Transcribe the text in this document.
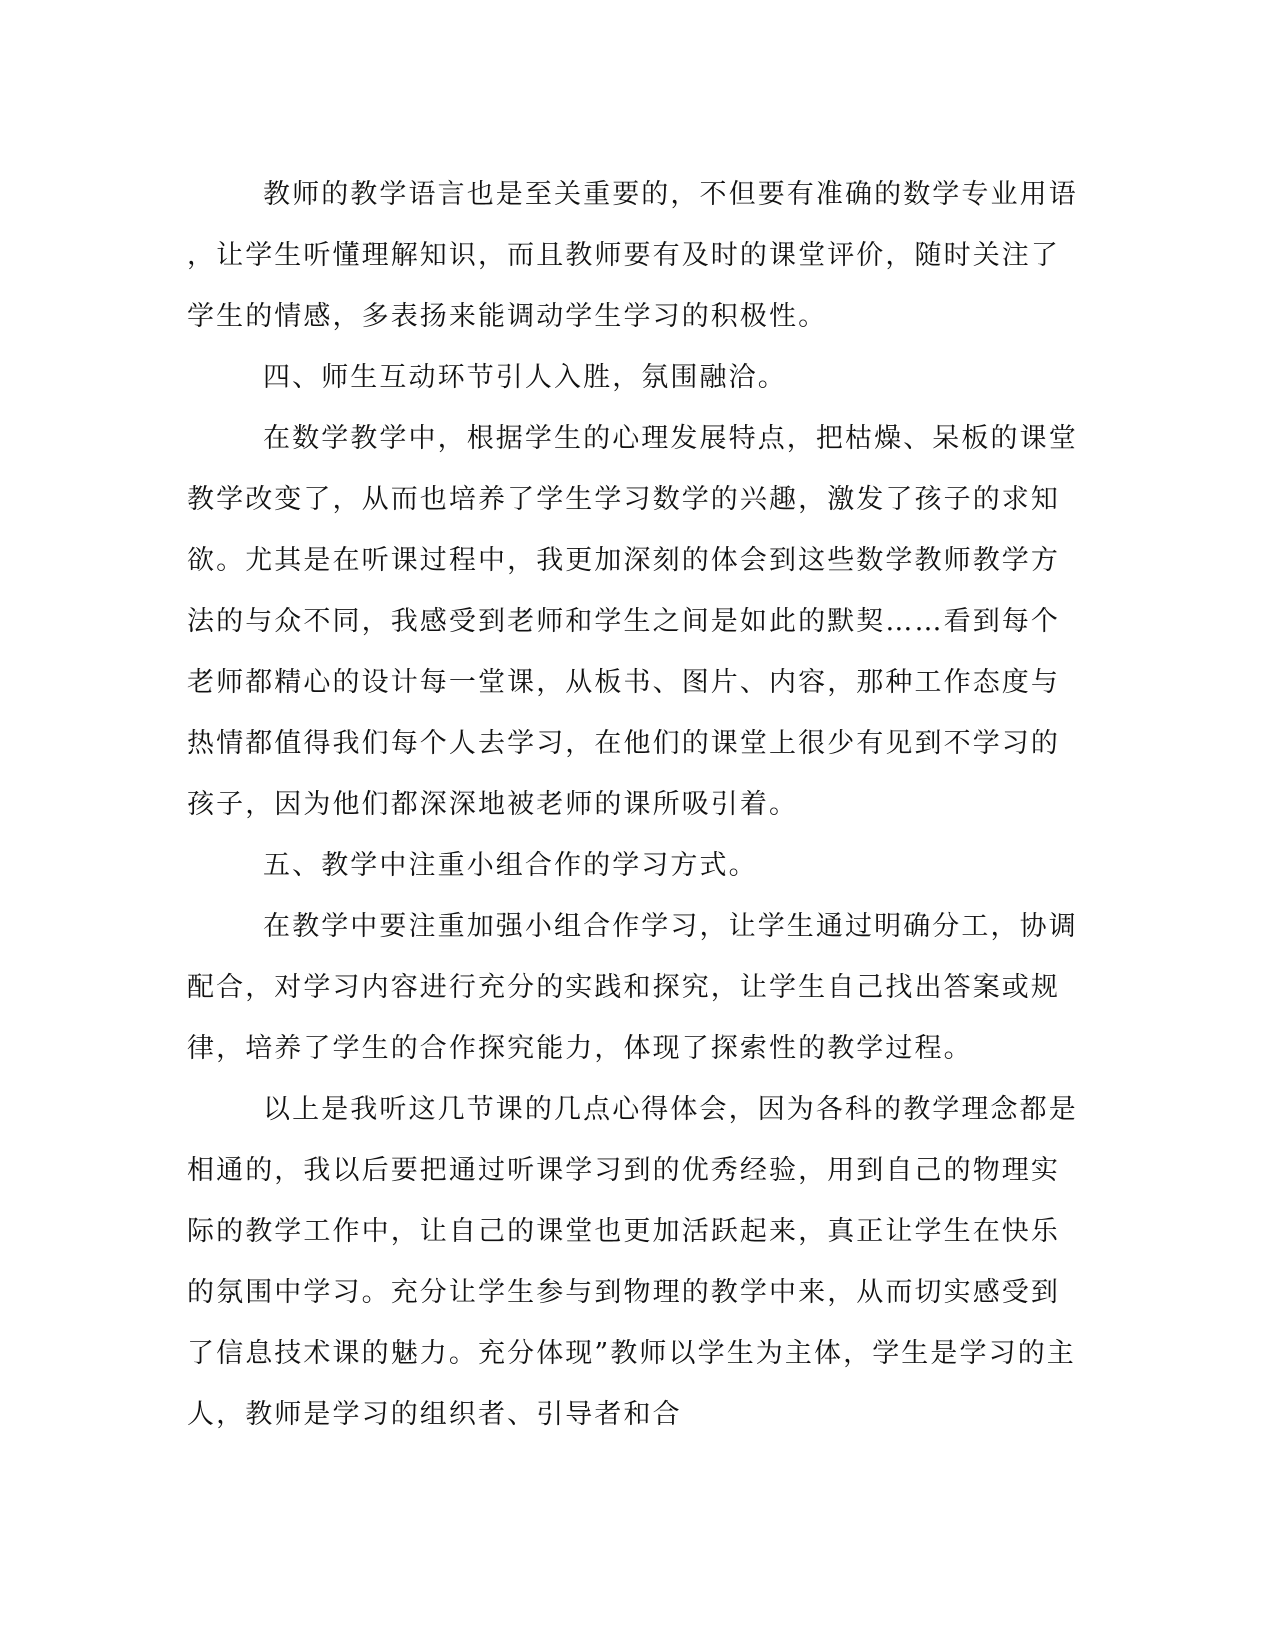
教师的教学语言也是至关重要的，不但要有准确的数学专业用语
，让学生听懂理解知识，而且教师要有及时的课堂评价，随时关注了
学生的情感，多表扬来能调动学生学习的积极性。
四、师生互动环节引人入胜，氛围融洽。
在数学教学中，根据学生的心理发展特点，把枯燥、呆板的课堂
教学改变了，从而也培养了学生学习数学的兴趣，激发了孩子的求知
欲。尤其是在听课过程中，我更加深刻的体会到这些数学教师教学方
法的与众不同，我感受到老师和学生之间是如此的默契……看到每个
老师都精心的设计每一堂课，从板书、图片、内容，那种工作态度与
热情都值得我们每个人去学习，在他们的课堂上很少有见到不学习的
孩子，因为他们都深深地被老师的课所吸引着。
五、教学中注重小组合作的学习方式。
在教学中要注重加强小组合作学习，让学生通过明确分工，协调
配合，对学习内容进行充分的实践和探究，让学生自己找出答案或规
律，培养了学生的合作探究能力，体现了探索性的教学过程。
以上是我听这几节课的几点心得体会，因为各科的教学理念都是
相通的，我以后要把通过听课学习到的优秀经验，用到自己的物理实
际的教学工作中，让自己的课堂也更加活跃起来，真正让学生在快乐
的氛围中学习。充分让学生参与到物理的教学中来，从而切实感受到
了信息技术课的魅力。充分体现”教师以学生为主体，学生是学习的主
人，教师是学习的组织者、引导者和合
